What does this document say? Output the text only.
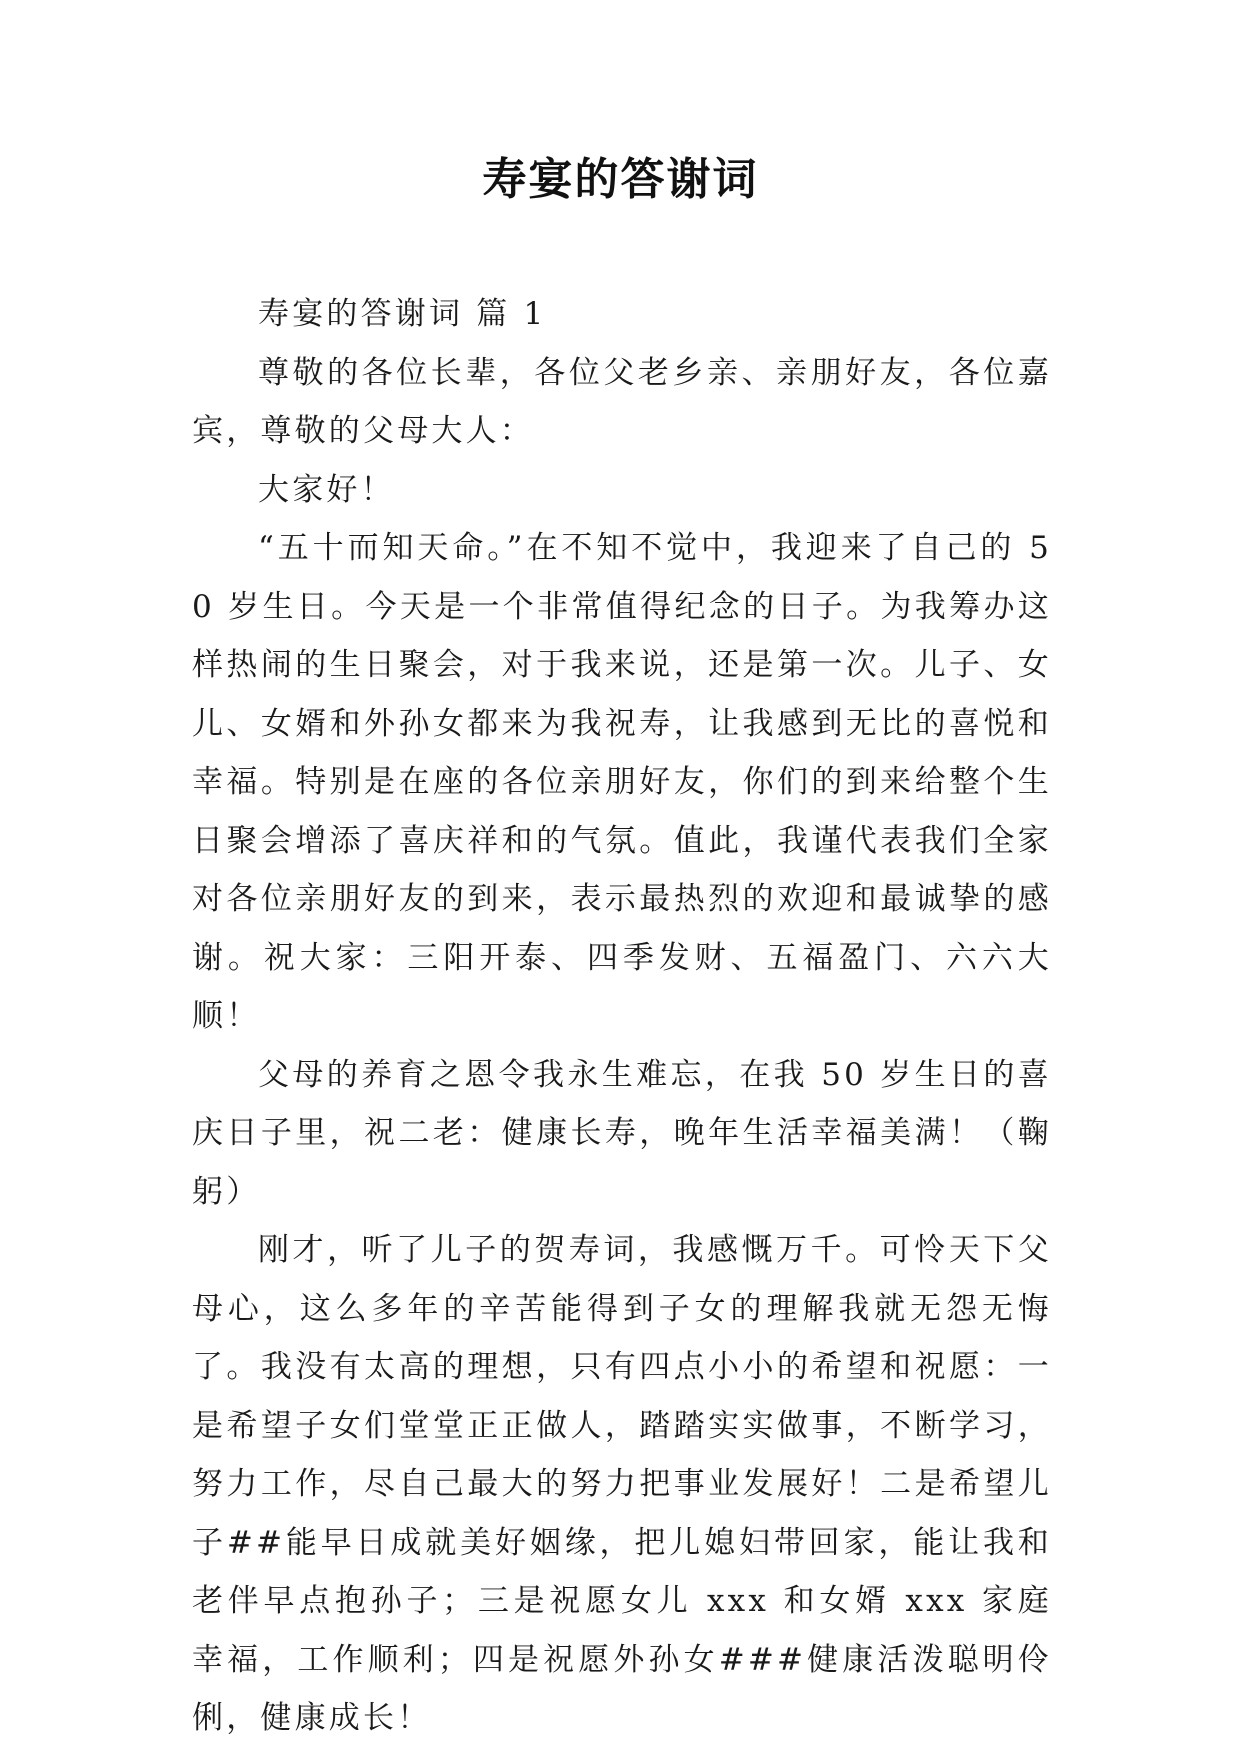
寿宴的答谢词

寿宴的答谢词 篇 1

尊敬的各位长辈，各位父老乡亲、亲朋好友，各位嘉宾，尊敬的父母大人：

大家好！

“五十而知天命。”在不知不觉中，我迎来了自己的 50 岁生日。今天是一个非常值得纪念的日子。为我筹办这样热闹的生日聚会，对于我来说，还是第一次。儿子、女儿、女婿和外孙女都来为我祝寿，让我感到无比的喜悦和幸福。特别是在座的各位亲朋好友，你们的到来给整个生日聚会增添了喜庆祥和的气氛。值此，我谨代表我们全家对各位亲朋好友的到来，表示最热烈的欢迎和最诚挚的感谢。祝大家：三阳开泰、四季发财、五福盈门、六六大顺！

父母的养育之恩令我永生难忘，在我 50 岁生日的喜庆日子里，祝二老：健康长寿，晚年生活幸福美满！（鞠躬）

刚才，听了儿子的贺寿词，我感慨万千。可怜天下父母心，这么多年的辛苦能得到子女的理解我就无怨无悔了。我没有太高的理想，只有四点小小的希望和祝愿：一是希望子女们堂堂正正做人，踏踏实实做事，不断学习，努力工作，尽自己最大的努力把事业发展好！二是希望儿子##能早日成就美好姻缘，把儿媳妇带回家，能让我和老伴早点抱孙子；三是祝愿女儿 xxx 和女婿 xxx 家庭幸福，工作顺利；四是祝愿外孙女###健康活泼聪明伶俐，健康成长！
